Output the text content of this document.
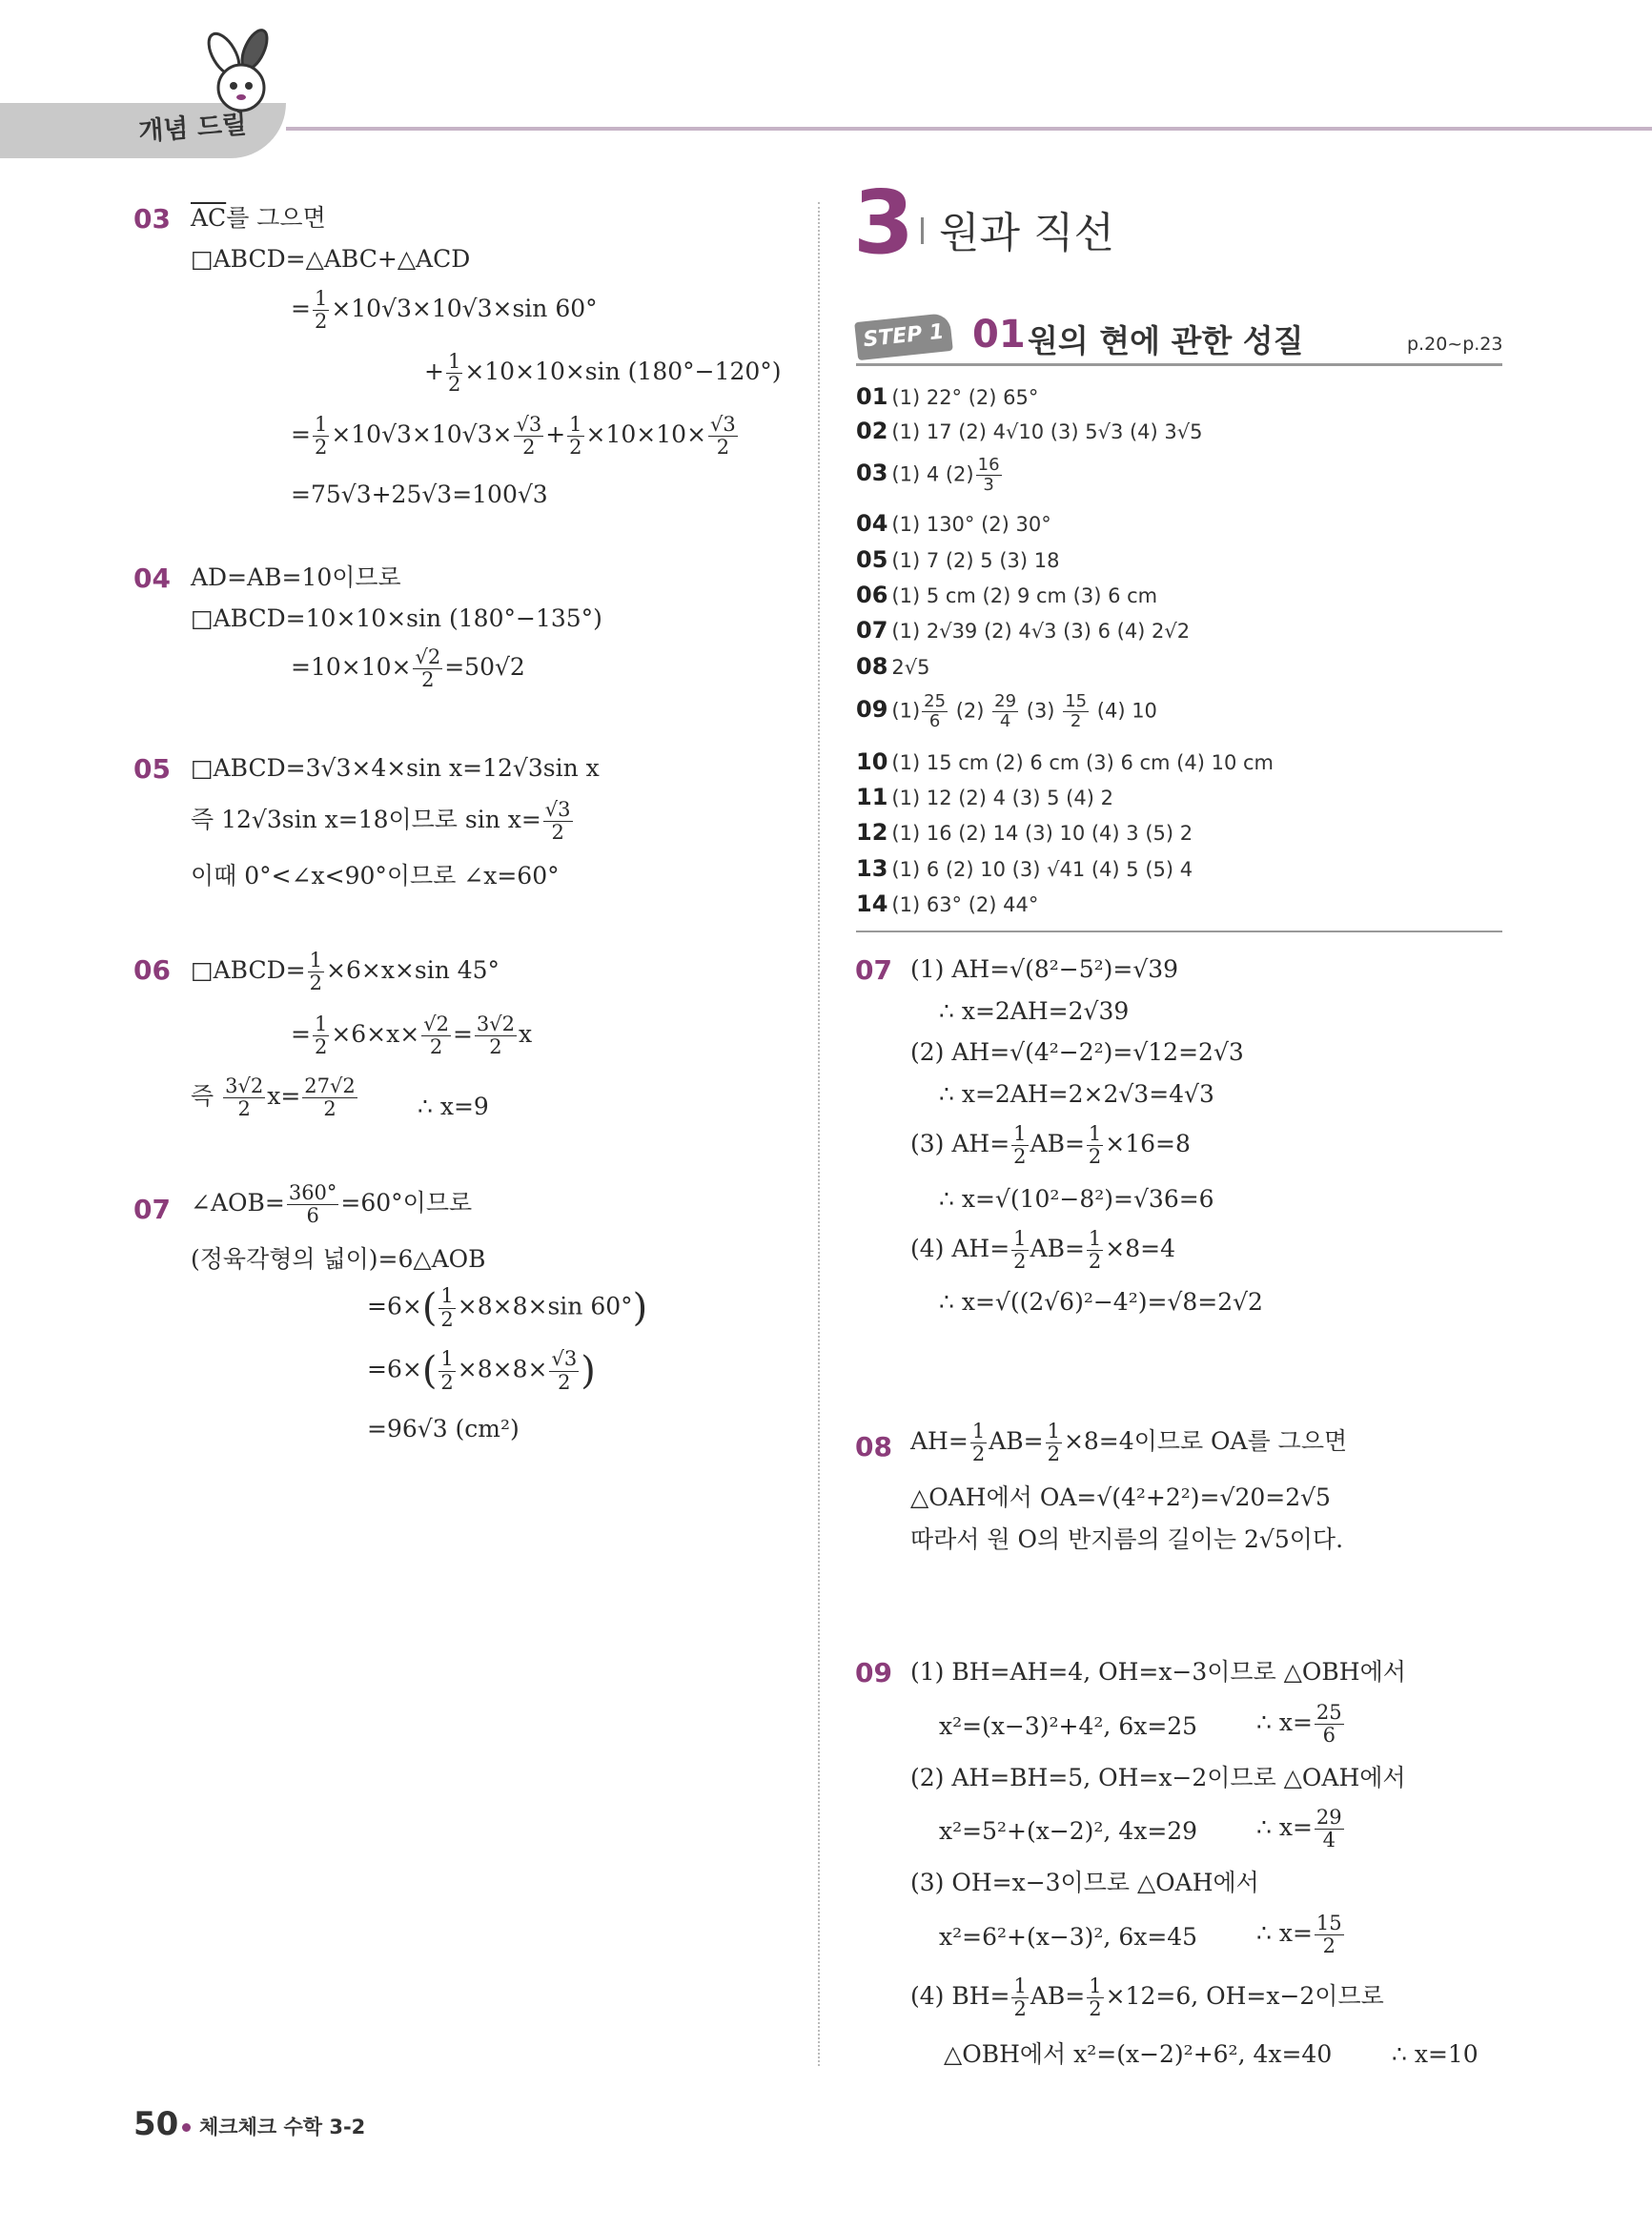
개념 드릴
03 $\overline{AC}$를 그으면
□ABCD=△ABC+△ACD
= $\frac{1}{2} \times 10√3\times 10√3\times\sin$ 60°
+ $\frac{1}{2} \times 10\times 10\times\sin$ (180°−120°)
= $\frac{1}{2} \times 10√3\times 10√3\times \frac{√3}{2} + \frac{1}{2} \times 10\times 10\times \frac{√3}{2}$
=75√3+25√3=100√3
04 AD=AB=10이므로
□ABCD=10×10×sin (180°−135°)
$=10\times 10\times \frac{√2}{2} =50√2$
05 □ABCD=3√3×4×sin x=12√3sin x
즉 12√3sin x=18이므로 $\sin x= \frac{√3}{2}$
이때 0°<∠x<90°이므로 ∠x=60°
06 □ABCD= $\frac{1}{2} \times 6\times x\times\sin$ 45°
= $\frac{1}{2} \times 6\times x\times \frac{√2}{2} = \frac{3√2}{2}$ x
즉 $\frac{3√2}{2} x= \frac{27√2}{2}$	∴ x=9
07 ∠AOB= $\frac{360^\circ}{6} =60^\circ$이므로
(정육각형의 넓이)=6△AOB
$=6\times( \frac{1}{2} \times 8\times 8\times\sin$ 60°)
$=6\times( \frac{1}{2} \times 8\times 8\times \frac{√3}{2}$ )
=96√3 (cm²)
3 원과 직선
STEP 1 01 원의 현에 관한 성질	p.20~p.23
01 (1) 22° (2) 65°
02 (1) 17 (2) 4√10 (3) 5√3 (4) 3√5
03 (1) 4 $(2) \frac{16}{3}$
04 (1) 130° (2) 30°
05 (1) 7 (2) 5 (3) 18
06 (1) 5 cm (2) 9 cm (3) 6 cm
07 (1) 2√39 (2) 4√3 (3) 6 (4) 2√2
08 2√5
09 $(1) \frac{25}{6} (2) \frac{29}{4} (3) \frac{15}{2} (4)$ 10
10 (1) 15 cm (2) 6 cm (3) 6 cm (4) 10 cm
11 (1) 12 (2) 4 (3) 5 (4) 2
12 (1) 16 (2) 14 (3) 10 (4) 3 (5) 2
13 (1) 6 (2) 10 (3) √41 (4) 5 (5) 4
14 (1) 63° (2) 44°
07 (1) AH=√(8²−5²)=√39
∴ x=2AH=2√39
(2) AH=√(4²−2²)=√12=2√3
∴ x=2AH=2×2√3=4√3
(3) $AH= \frac{1}{2} AB= \frac{1}{2} \times 16=8$
∴ x=√(10²−8²)=√36=6
(4) $AH= \frac{1}{2} AB= \frac{1}{2} \times 8=4$
∴ x=√((2√6)²−4²)=√8=2√2
08 $AH= \frac{1}{2} AB= \frac{1}{2} \times 8=4$이므로 OA를 그으면
△OAH에서 OA=√(4²+2²)=√20=2√5
따라서 원 O의 반지름의 길이는 2√5이다.
09 (1) BH=AH=4, OH=x−3이므로 △OBH에서
x²=(x−3)²+4², 6x=25 ∴ $x= \frac{25}{6}$
(2) AH=BH=5, OH=x−2이므로 △OAH에서
x²=5²+(x−2)², 4x=29 ∴ $x= \frac{29}{4}$
(3) OH=x−3이므로 △OAH에서
x²=6²+(x−3)², 6x=45 ∴ $x= \frac{15}{2}$
(4) $BH= \frac{1}{2} AB= \frac{1}{2} \times 12=6$, OH=x−2이므로
△OBH에서 x²=(x−2)²+6², 4x=40	∴ x=10
50 체크체크 수학 3-2
